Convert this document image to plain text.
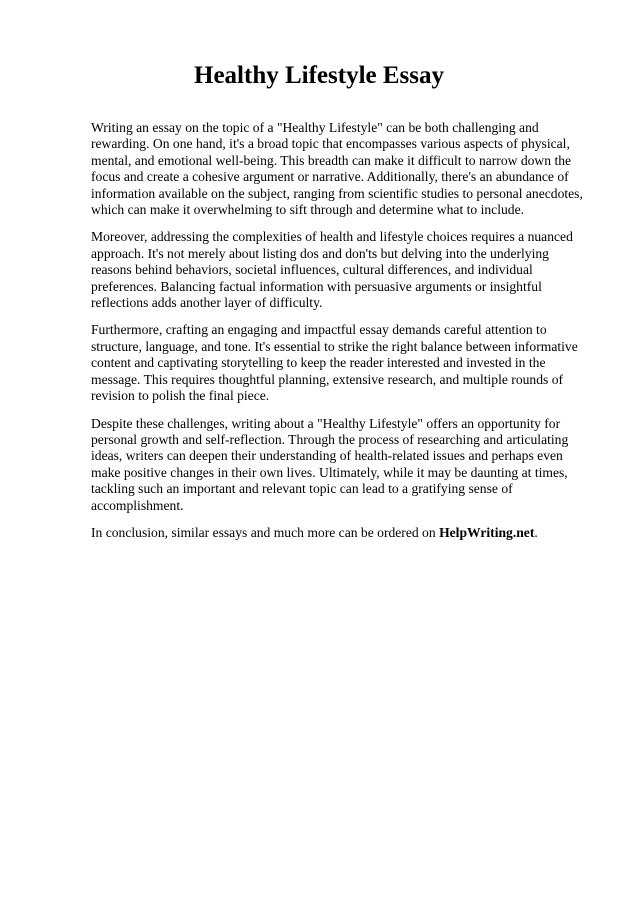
Healthy Lifestyle Essay

Writing an essay on the topic of a "Healthy Lifestyle" can be both challenging and rewarding. On one hand, it's a broad topic that encompasses various aspects of physical, mental, and emotional well-being. This breadth can make it difficult to narrow down the focus and create a cohesive argument or narrative. Additionally, there's an abundance of information available on the subject, ranging from scientific studies to personal anecdotes, which can make it overwhelming to sift through and determine what to include.

Moreover, addressing the complexities of health and lifestyle choices requires a nuanced approach. It's not merely about listing dos and don'ts but delving into the underlying reasons behind behaviors, societal influences, cultural differences, and individual preferences. Balancing factual information with persuasive arguments or insightful reflections adds another layer of difficulty.

Furthermore, crafting an engaging and impactful essay demands careful attention to structure, language, and tone. It's essential to strike the right balance between informative content and captivating storytelling to keep the reader interested and invested in the message. This requires thoughtful planning, extensive research, and multiple rounds of revision to polish the final piece.

Despite these challenges, writing about a "Healthy Lifestyle" offers an opportunity for personal growth and self-reflection. Through the process of researching and articulating ideas, writers can deepen their understanding of health-related issues and perhaps even make positive changes in their own lives. Ultimately, while it may be daunting at times, tackling such an important and relevant topic can lead to a gratifying sense of accomplishment.

In conclusion, similar essays and much more can be ordered on HelpWriting.net.
